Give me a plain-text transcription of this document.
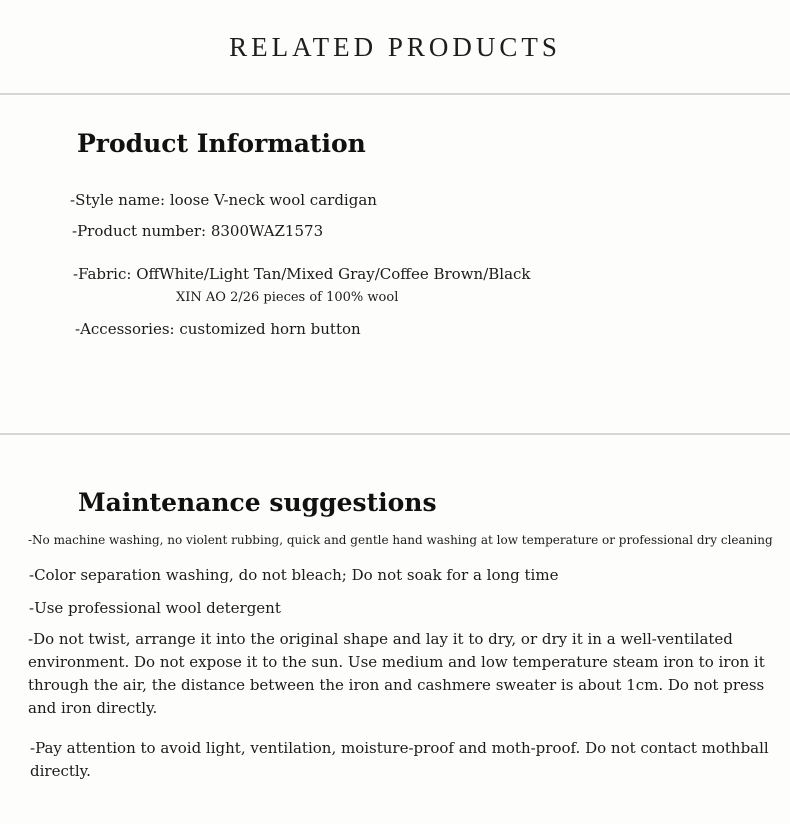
RELATED PRODUCTS
Product Information
-Style name: loose V-neck wool cardigan
-Product number: 8300WAZ1573
-Fabric: OffWhite/Light Tan/Mixed Gray/Coffee Brown/Black
XIN AO 2/26 pieces of 100% wool
-Accessories: customized horn button
Maintenance suggestions
-No machine washing, no violent rubbing, quick and gentle hand washing at low temperature or professional dry cleaning
-Color separation washing, do not bleach; Do not soak for a long time
-Use professional wool detergent
-Do not twist, arrange it into the original shape and lay it to dry, or dry it in a well-ventilated environment. Do not expose it to the sun. Use medium and low temperature steam iron to iron it through the air, the distance between the iron and cashmere sweater is about 1cm. Do not press and iron directly.
-Pay attention to avoid light, ventilation, moisture-proof and moth-proof. Do not contact mothball directly.
